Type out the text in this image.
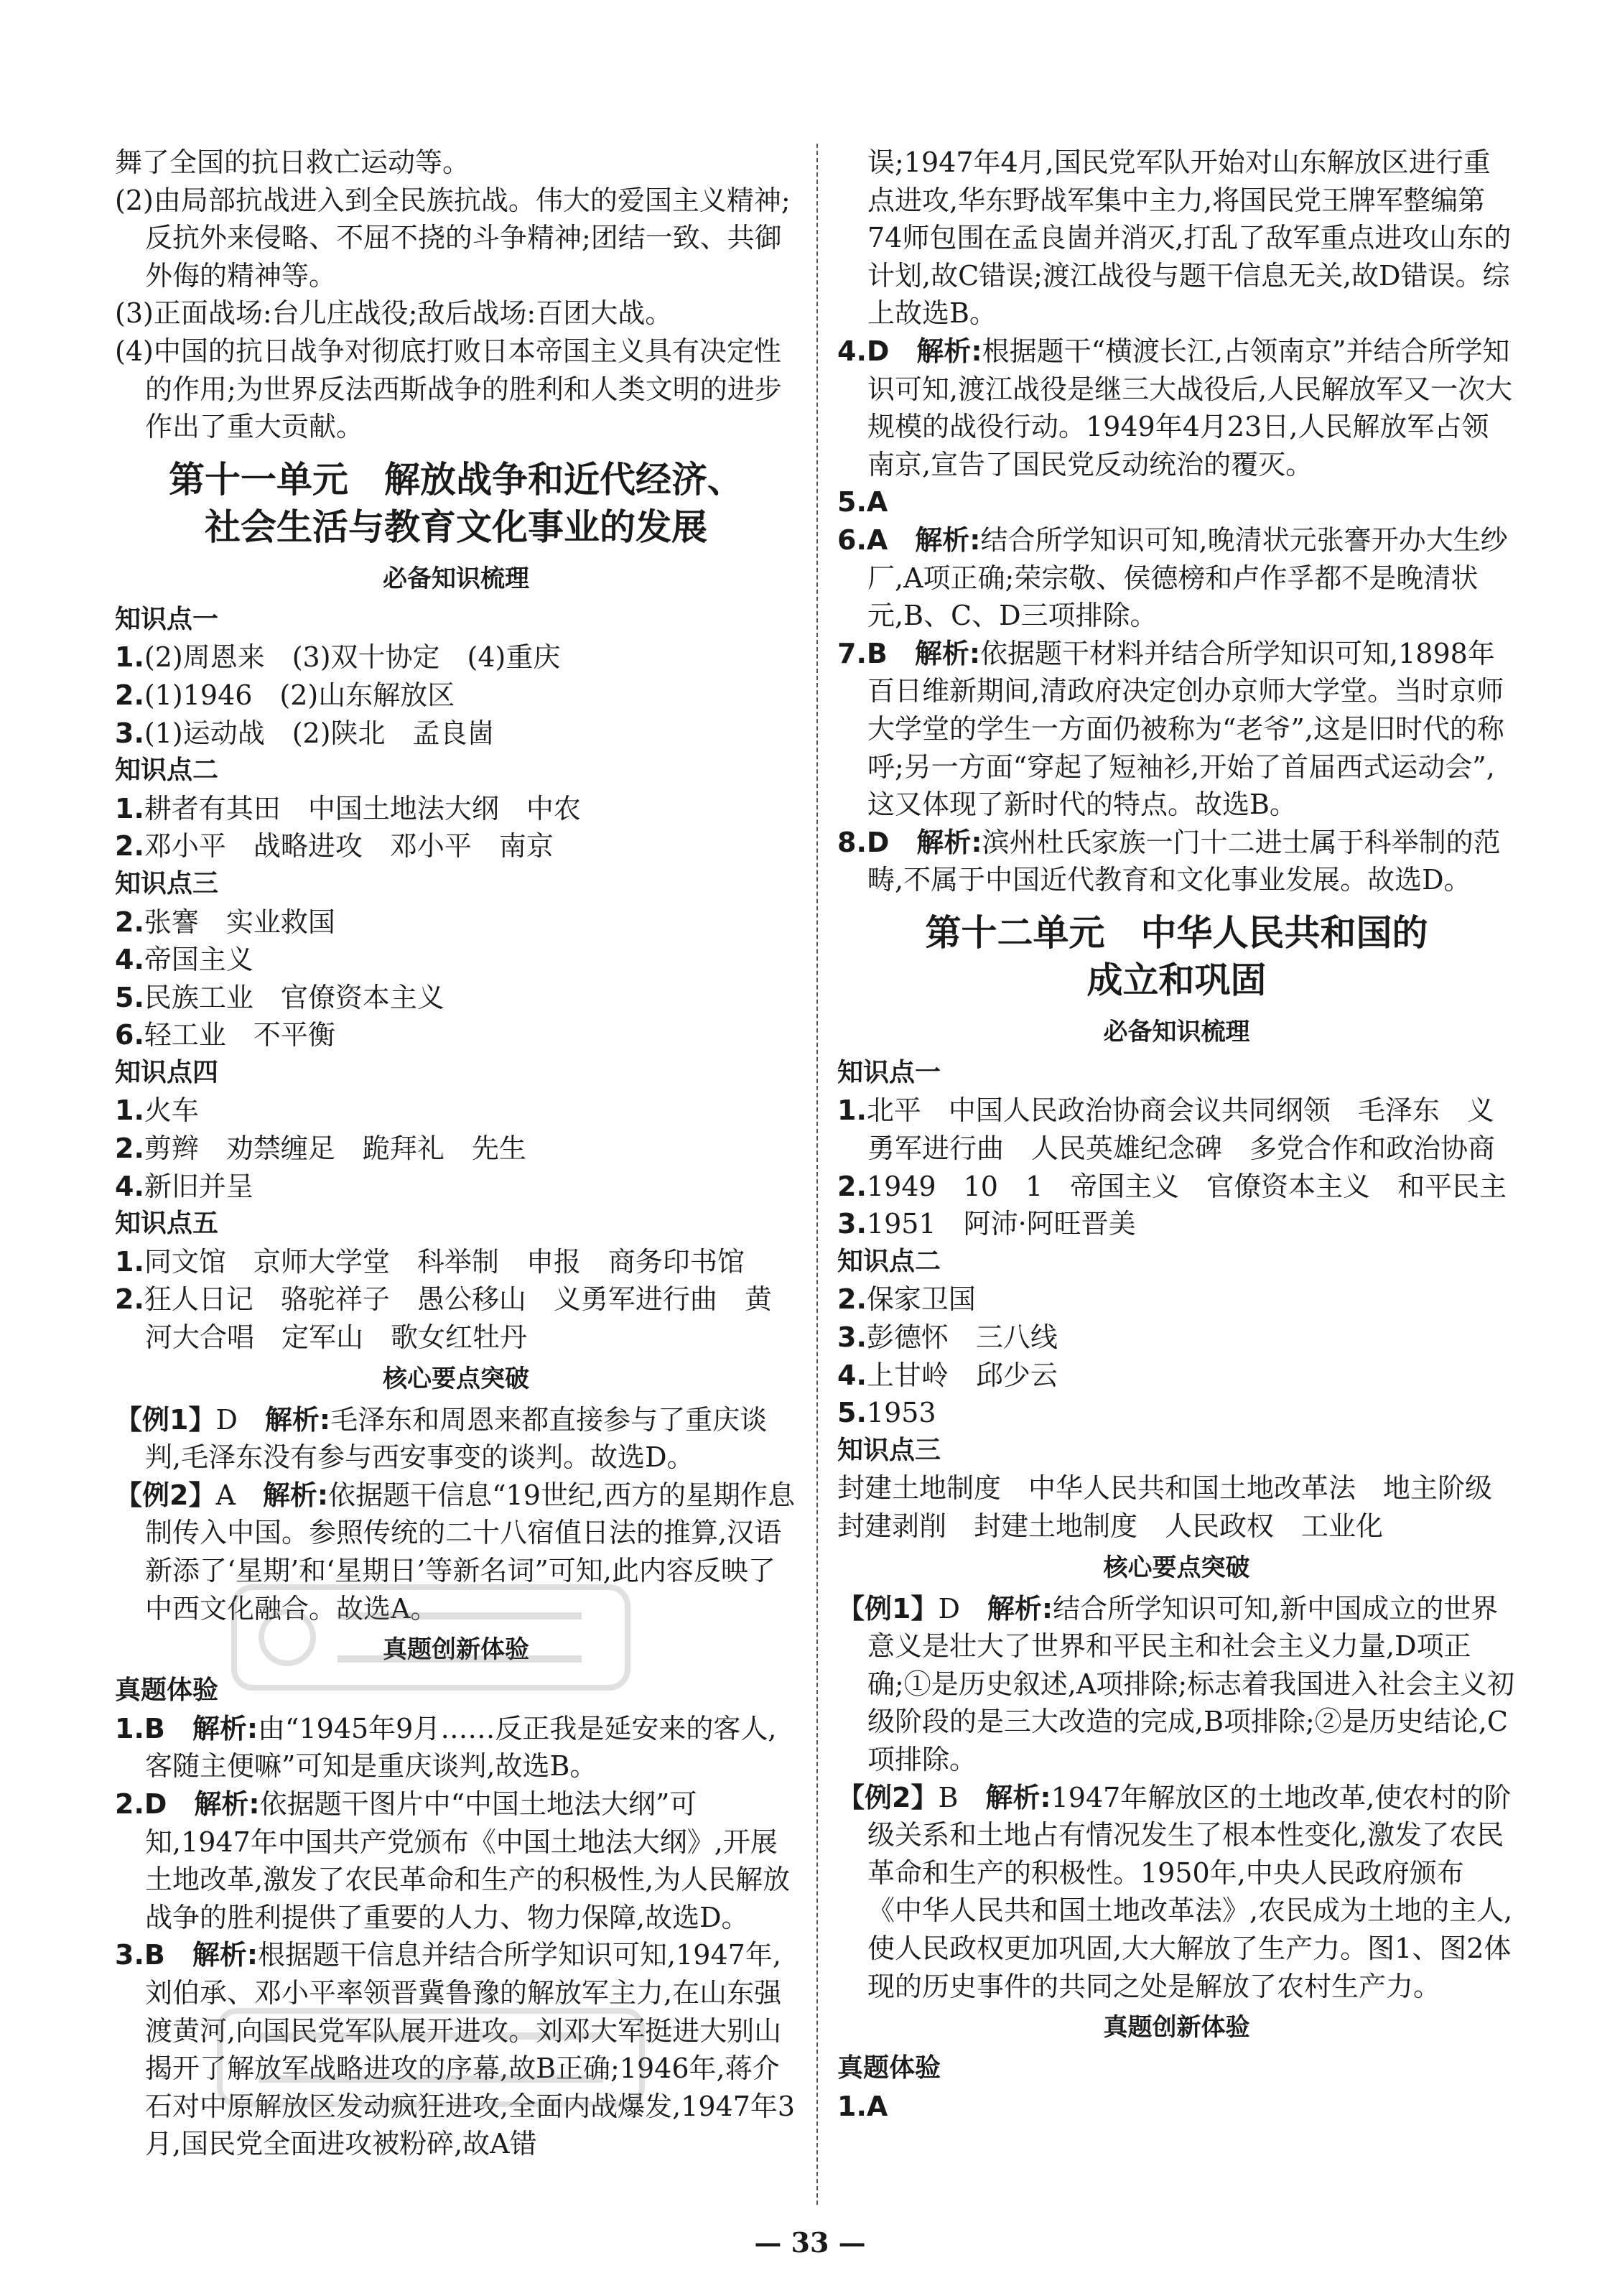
舞了全国的抗日救亡运动等。

(2)由局部抗战进入到全民族抗战。伟大的爱国主义精神;反抗外来侵略、不屈不挠的斗争精神;团结一致、共御外侮的精神等。

(3)正面战场:台儿庄战役;敌后战场:百团大战。

(4)中国的抗日战争对彻底打败日本帝国主义具有决定性的作用;为世界反法西斯战争的胜利和人类文明的进步作出了重大贡献。

第十一单元　解放战争和近代经济、
社会生活与教育文化事业的发展
必备知识梳理
知识点一

1.(2)周恩来　(3)双十协定　(4)重庆

2.(1)1946　(2)山东解放区

3.(1)运动战　(2)陕北　孟良崮

知识点二

1.耕者有其田　中国土地法大纲　中农

2.邓小平　战略进攻　邓小平　南京

知识点三

2.张謇　实业救国

4.帝国主义

5.民族工业　官僚资本主义

6.轻工业　不平衡

知识点四

1.火车

2.剪辫　劝禁缠足　跪拜礼　先生

4.新旧并呈

知识点五

1.同文馆　京师大学堂　科举制　申报　商务印书馆

2.狂人日记　骆驼祥子　愚公移山　义勇军进行曲　黄河大合唱　定军山　歌女红牡丹

核心要点突破

【例1】D　解析:毛泽东和周恩来都直接参与了重庆谈判,毛泽东没有参与西安事变的谈判。故选D。

【例2】A　解析:依据题干信息“19世纪,西方的星期作息制传入中国。参照传统的二十八宿值日法的推算,汉语新添了‘星期’和‘星期日’等新名词”可知,此内容反映了中西文化融合。故选A。

真题创新体验
真题体验

1.B　解析:由“1945年9月……反正我是延安来的客人,客随主便嘛”可知是重庆谈判,故选B。

2.D　解析:依据题干图片中“中国土地法大纲”可知,1947年中国共产党颁布《中国土地法大纲》,开展土地改革,激发了农民革命和生产的积极性,为人民解放战争的胜利提供了重要的人力、物力保障,故选D。

3.B　解析:根据题干信息并结合所学知识可知,1947年,刘伯承、邓小平率领晋冀鲁豫的解放军主力,在山东强渡黄河,向国民党军队展开进攻。刘邓大军挺进大别山揭开了解放军战略进攻的序幕,故B正确;1946年,蒋介石对中原解放区发动疯狂进攻,全面内战爆发,1947年3月,国民党全面进攻被粉碎,故A错

误;1947年4月,国民党军队开始对山东解放区进行重点进攻,华东野战军集中主力,将国民党王牌军整编第74师包围在孟良崮并消灭,打乱了敌军重点进攻山东的计划,故C错误;渡江战役与题干信息无关,故D错误。综上故选B。

4.D　解析:根据题干“横渡长江,占领南京”并结合所学知识可知,渡江战役是继三大战役后,人民解放军又一次大规模的战役行动。1949年4月23日,人民解放军占领南京,宣告了国民党反动统治的覆灭。

5.A

6.A　解析:结合所学知识可知,晚清状元张謇开办大生纱厂,A项正确;荣宗敬、侯德榜和卢作孚都不是晚清状元,B、C、D三项排除。

7.B　解析:依据题干材料并结合所学知识可知,1898年百日维新期间,清政府决定创办京师大学堂。当时京师大学堂的学生一方面仍被称为“老爷”,这是旧时代的称呼;另一方面“穿起了短袖衫,开始了首届西式运动会”,这又体现了新时代的特点。故选B。

8.D　解析:滨州杜氏家族一门十二进士属于科举制的范畴,不属于中国近代教育和文化事业发展。故选D。

第十二单元　中华人民共和国的
成立和巩固
必备知识梳理
知识点一

1.北平　中国人民政治协商会议共同纲领　毛泽东　义勇军进行曲　人民英雄纪念碑　多党合作和政治协商

2.1949　10　1　帝国主义　官僚资本主义　和平民主

3.1951　阿沛·阿旺晋美

知识点二

2.保家卫国

3.彭德怀　三八线

4.上甘岭　邱少云

5.1953

知识点三

封建土地制度　中华人民共和国土地改革法　地主阶级封建剥削　封建土地制度　人民政权　工业化

核心要点突破

【例1】D　解析:结合所学知识可知,新中国成立的世界意义是壮大了世界和平民主和社会主义力量,D项正确;①是历史叙述,A项排除;标志着我国进入社会主义初级阶段的是三大改造的完成,B项排除;②是历史结论,C项排除。

【例2】B　解析:1947年解放区的土地改革,使农村的阶级关系和土地占有情况发生了根本性变化,激发了农民革命和生产的积极性。1950年,中央人民政府颁布《中华人民共和国土地改革法》,农民成为土地的主人,使人民政权更加巩固,大大解放了生产力。图1、图2体现的历史事件的共同之处是解放了农村生产力。

真题创新体验
真题体验

1.A

— 33 —
